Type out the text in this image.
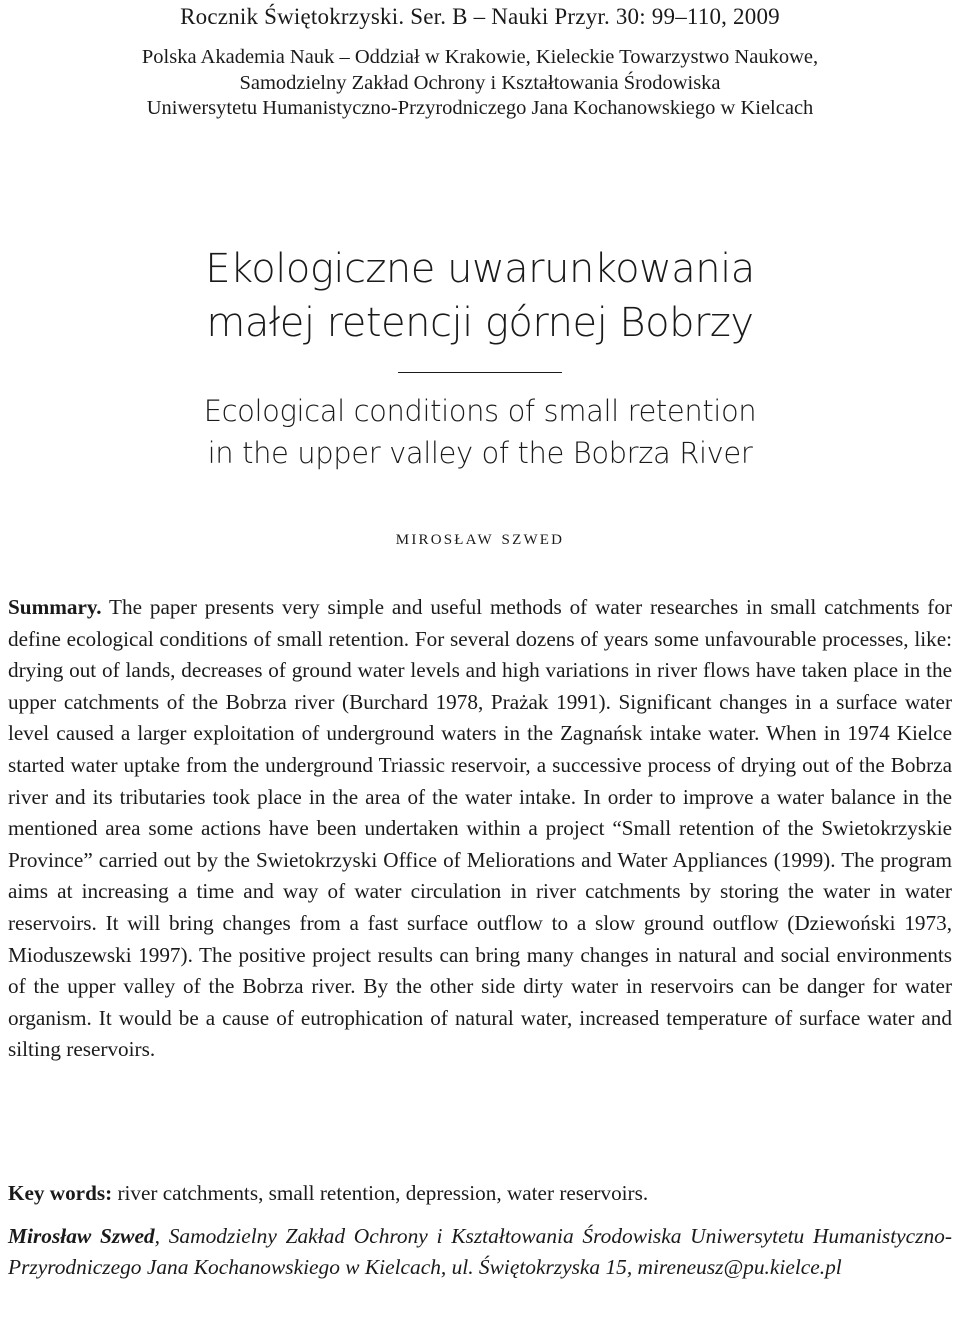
Rocznik Świętokrzyski. Ser. B – Nauki Przyr. 30: 99–110, 2009
Polska Akademia Nauk – Oddział w Krakowie, Kieleckie Towarzystwo Naukowe,
Samodzielny Zakład Ochrony i Kształtowania Środowiska
Uniwersytetu Humanistyczno-Przyrodniczego Jana Kochanowskiego w Kielcach
Ekologiczne uwarunkowania
małej retencji górnej Bobrzy
Ecological conditions of small retention
in the upper valley of the Bobrza River
mirosław szwed
Summary. The paper presents very simple and useful methods of water researches in small catchments for define ecological conditions of small retention. For several dozens of years some unfavourable processes, like: drying out of lands, decreases of ground water levels and high variations in river flows have taken place in the upper catchments of the Bobrza river (Burchard 1978, Prażak 1991). Significant changes in a surface water level caused a larger exploitation of underground waters in the Zagnańsk intake water. When in 1974 Kielce started water uptake from the underground Triassic reservoir, a successive process of drying out of the Bobrza river and its tributaries took place in the area of the water intake. In order to improve a water balance in the mentioned area some actions have been undertaken within a project “Small retention of the Swietokrzyskie Province” carried out by the Swietokrzyski Office of Meliorations and Water Appliances (1999). The program aims at increasing a time and way of water circulation in river catchments by storing the water in water reservoirs. It will bring changes from a fast surface outflow to a slow ground outflow (Dziewoński 1973, Mioduszewski 1997). The positive project results can bring many changes in natural and social environments of the upper valley of the Bobrza river. By the other side dirty water in reservoirs can be danger for water organism. It would be a cause of eutrophication of natural water, increased temperature of surface water and silting reservoirs.
Key words: river catchments, small retention, depression, water reservoirs.
Mirosław Szwed, Samodzielny Zakład Ochrony i Kształtowania Środowiska Uniwersytetu Humanistyczno-Przyrodniczego Jana Kochanowskiego w Kielcach, ul. Świętokrzyska 15, mireneusz@pu.kielce.pl
